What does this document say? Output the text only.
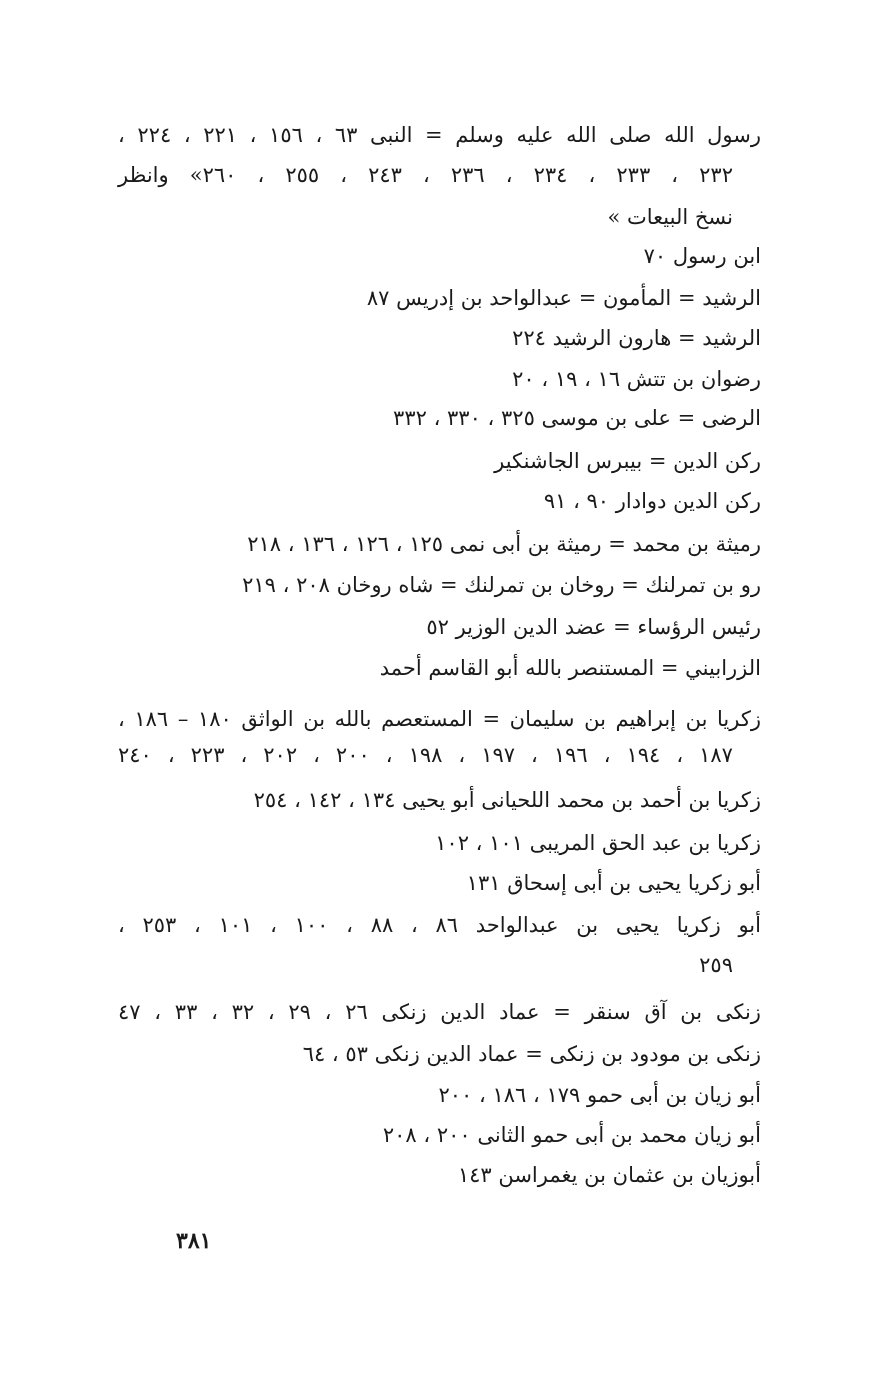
رسول الله صلى الله عليه وسلم = النبى ٦٣ ، ١٥٦ ، ٢٢١ ، ٢٢٤ ،
٢٣٢ ، ٢٣٣ ، ٢٣٤ ، ٢٣٦ ، ٢٤٣ ، ٢٥٥ ، ٢٦٠» وانظر
نسخ البيعات »
ابن رسول ٧٠
الرشيد = المأمون = عبدالواحد بن إدريس ٨٧
الرشيد = هارون الرشيد ٢٢٤
رضوان بن تتش ١٦ ، ١٩ ، ٢٠
الرضى = على بن موسى ٣٢٥ ، ٣٣٠ ، ٣٣٢
ركن الدين = بيبرس الجاشنكير
ركن الدين دوادار ٩٠ ، ٩١
رميثة بن محمد = رميثة بن أبى نمى ١٢٥ ، ١٢٦ ، ١٣٦ ، ٢١٨
رو بن تمرلنك = روخان بن تمرلنك = شاه روخان ٢٠٨ ، ٢١٩
رئيس الرؤساء = عضد الدين الوزير ٥٢
الزرابيني = المستنصر بالله أبو القاسم أحمد
زكريا بن إبراهيم بن سليمان = المستعصم بالله بن الواثق ١٨٠ – ١٨٦ ،
١٨٧ ، ١٩٤ ، ١٩٦ ، ١٩٧ ، ١٩٨ ، ٢٠٠ ، ٢٠٢ ، ٢٢٣ ، ٢٤٠
زكريا بن أحمد بن محمد اللحيانى أبو يحيى ١٣٤ ، ١٤٢ ، ٢٥٤
زكريا بن عبد الحق المريبى ١٠١ ، ١٠٢
أبو زكريا يحيى بن أبى إسحاق ١٣١
أبو زكريا يحيى بن عبدالواحد ٨٦ ، ٨٨ ، ١٠٠ ، ١٠١ ، ٢٥٣ ،
٢٥٩
زنكى بن آق سنقر = عماد الدين زنكى ٢٦ ، ٢٩ ، ٣٢ ، ٣٣ ، ٤٧
زنكى بن مودود بن زنكى = عماد الدين زنكى ٥٣ ، ٦٤
أبو زيان بن أبى حمو ١٧٩ ، ١٨٦ ، ٢٠٠
أبو زيان محمد بن أبى حمو الثانى ٢٠٠ ، ٢٠٨
أبوزيان بن عثمان بن يغمراسن ١٤٣
٣٨١
